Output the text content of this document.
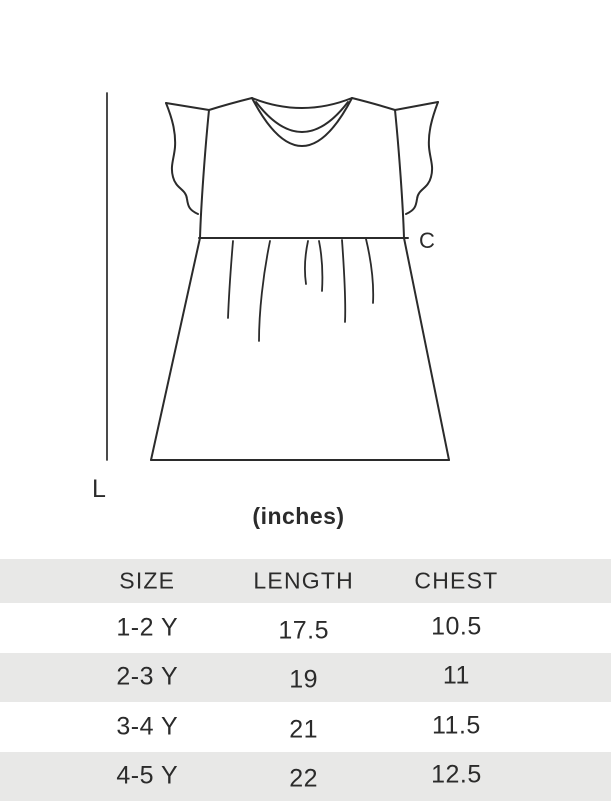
L
C
(inches)
SIZE	LENGTH	CHEST
1-2 Y	17.5	10.5
2-3 Y	19	11
3-4 Y	21	11.5
4-5 Y	22	12.5
